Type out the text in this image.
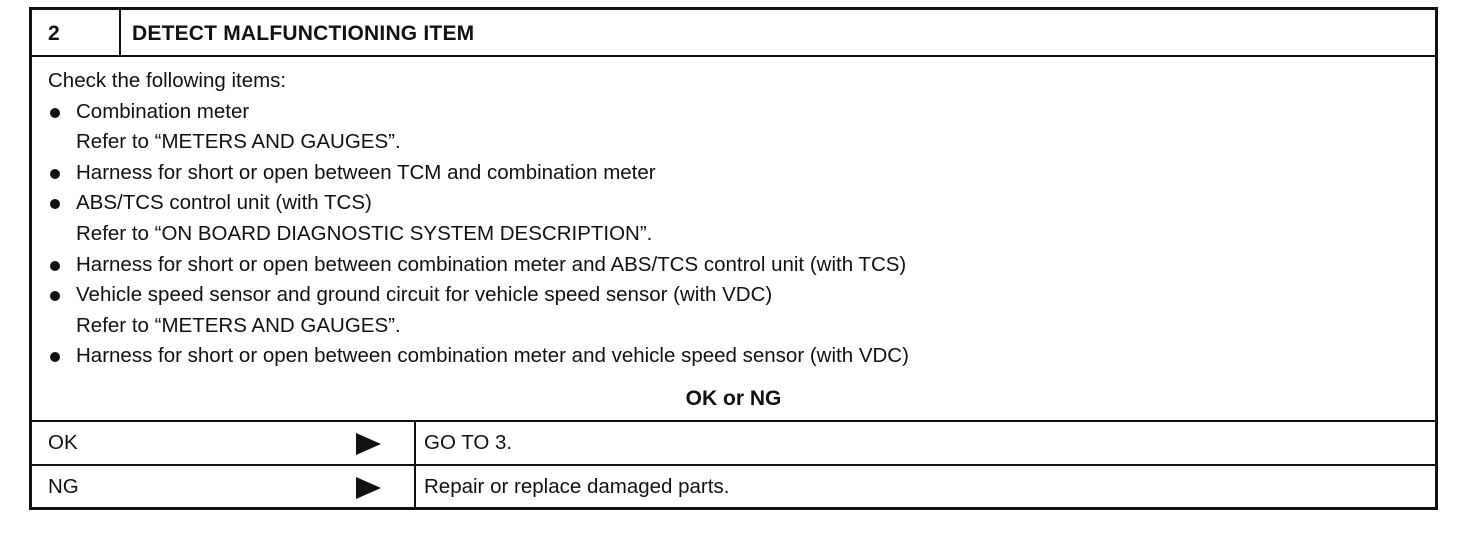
2	DETECT MALFUNCTIONING ITEM
Check the following items:
Combination meter
Refer to “METERS AND GAUGES”.
Harness for short or open between TCM and combination meter
ABS/TCS control unit (with TCS)
Refer to “ON BOARD DIAGNOSTIC SYSTEM DESCRIPTION”.
Harness for short or open between combination meter and ABS/TCS control unit (with TCS)
Vehicle speed sensor and ground circuit for vehicle speed sensor (with VDC)
Refer to “METERS AND GAUGES”.
Harness for short or open between combination meter and vehicle speed sensor (with VDC)
OK or NG
OK	GO TO 3.
NG	Repair or replace damaged parts.
